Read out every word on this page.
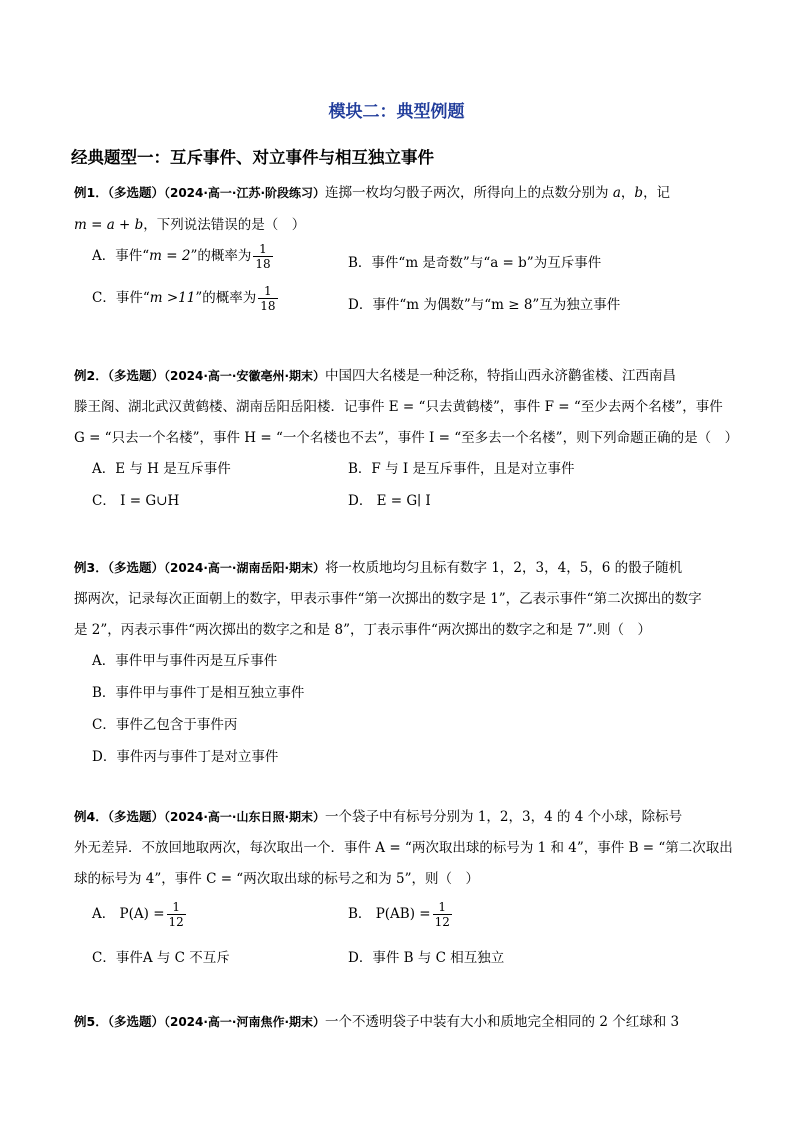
模块二：典型例题
经典题型一：互斥事件、对立事件与相互独立事件
例1．（多选题）（2024·高一·江苏·阶段练习）连掷一枚均匀骰子两次，所得向上的点数分别为 a，b，记
m = a + b，下列说法错误的是（　）
A．事件“m = 2”的概率为 $\frac{1}{18}$	B．事件“m 是奇数”与“a = b”为互斥事件
C．事件“m >11”的概率为 $\frac{1}{18}$	D．事件“m 为偶数”与“m ≥ 8”互为独立事件
例2．（多选题）（2024·高一·安徽亳州·期末）中国四大名楼是一种泛称，特指山西永济鹳雀楼、江西南昌
滕王阁、湖北武汉黄鹤楼、湖南岳阳岳阳楼．记事件 E = “只去黄鹤楼”，事件 F = “至少去两个名楼”，事件
G = “只去一个名楼”，事件 H = “一个名楼也不去”，事件 I = “至多去一个名楼”，则下列命题正确的是（　）
A．E 与 H 是互斥事件	B．F 与 I 是互斥事件，且是对立事件
C． I = G∪H	D． E = G∣ I
例3．（多选题）（2024·高一·湖南岳阳·期末）将一枚质地均匀且标有数字 1，2，3，4，5，6 的骰子随机
掷两次，记录每次正面朝上的数字，甲表示事件“第一次掷出的数字是 1”，乙表示事件“第二次掷出的数字
是 2”，丙表示事件“两次掷出的数字之和是 8”，丁表示事件“两次掷出的数字之和是 7”.则（　）
A．事件甲与事件丙是互斥事件
B．事件甲与事件丁是相互独立事件
C．事件乙包含于事件丙
D．事件丙与事件丁是对立事件
例4．（多选题）（2024·高一·山东日照·期末）一个袋子中有标号分别为 1，2，3，4 的 4 个小球，除标号
外无差异．不放回地取两次，每次取出一个．事件 A = “两次取出球的标号为 1 和 4”，事件 B = “第二次取出
球的标号为 4”，事件 C = “两次取出球的标号之和为 5”，则（　）
A． $P(A) = \frac{1}{12}$	B． $P(AB) = \frac{1}{12}$
C．事件A 与 C 不互斥	D．事件 B 与 C 相互独立
例5．（多选题）（2024·高一·河南焦作·期末）一个不透明袋子中装有大小和质地完全相同的 2 个红球和 3
